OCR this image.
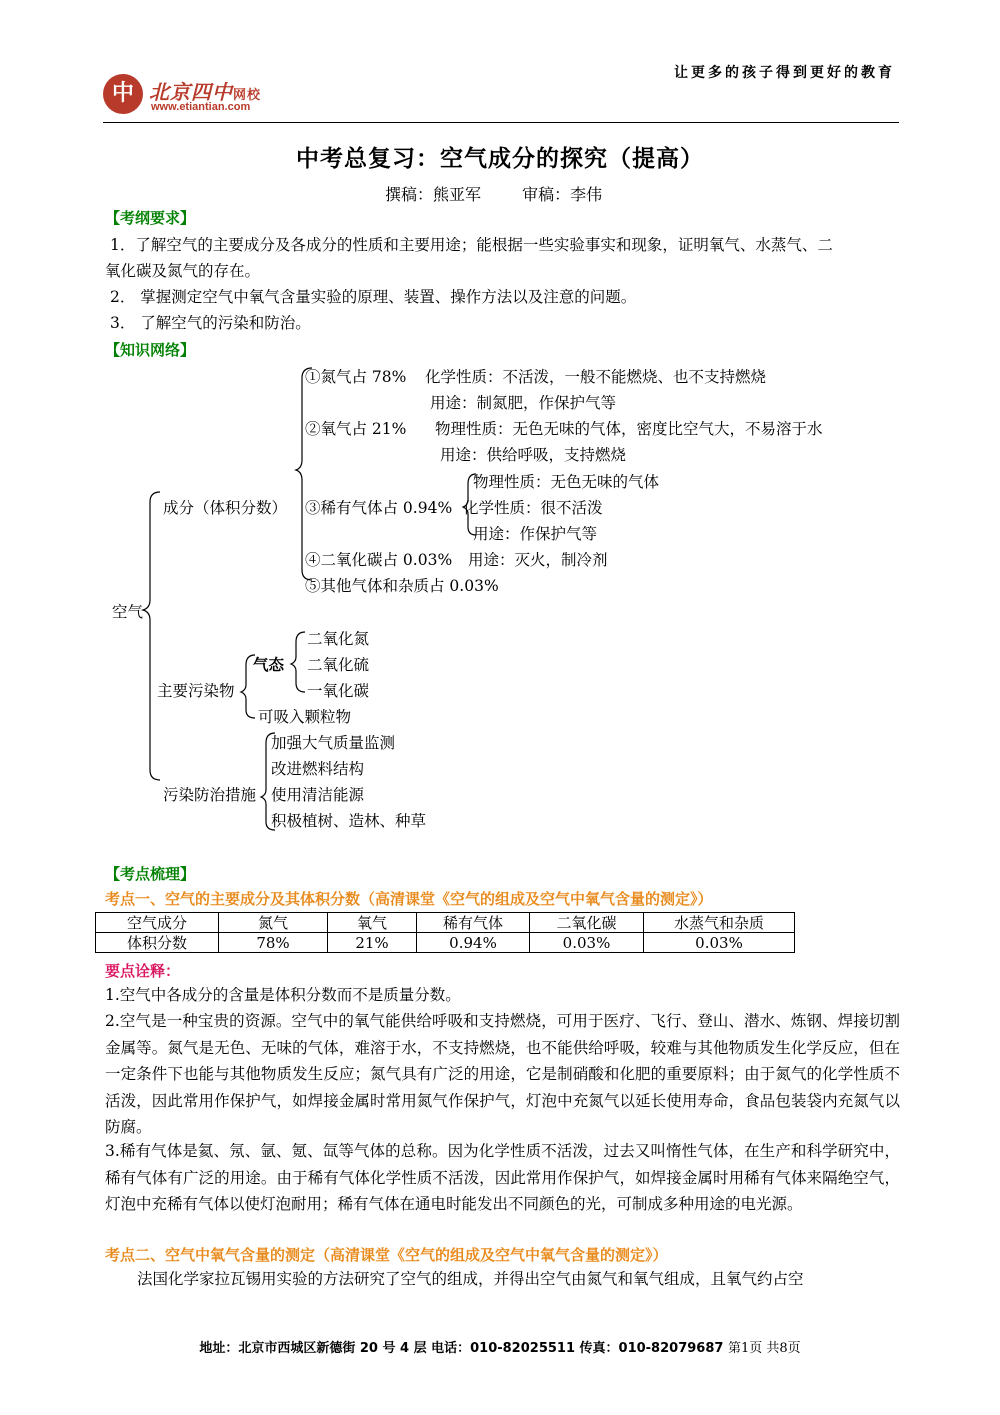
让更多的孩子得到更好的教育
中 北京四中网校
www.etiantian.com
中考总复习：空气成分的探究（提高）
撰稿：熊亚军	审稿：李伟
【考纲要求】
1．了解空气的主要成分及各成分的性质和主要用途；能根据一些实验事实和现象，证明氧气、水蒸气、二
氧化碳及氮气的存在。
2． 掌握测定空气中氧气含量实验的原理、装置、操作方法以及注意的问题。
3． 了解空气的污染和防治。
【知识网络】
空气
成分（体积分数）
①氮气占 78% 化学性质：不活泼，一般不能燃烧、也不支持燃烧
用途：制氮肥，作保护气等
②氧气占 21% 物理性质：无色无味的气体，密度比空气大，不易溶于水
用途：供给呼吸，支持燃烧
③稀有气体占 0.94%
物理性质：无色无味的气体
化学性质：很不活泼
用途：作保护气等
④二氧化碳占 0.03% 用途：灭火，制冷剂
⑤其他气体和杂质占 0.03%
主要污染物
气态
二氧化氮
二氧化硫
一氧化碳
可吸入颗粒物
污染防治措施
加强大气质量监测
改进燃料结构
使用清洁能源
积极植树、造林、种草
【考点梳理】
考点一、空气的主要成分及其体积分数（高清课堂《空气的组成及空气中氧气含量的测定》）
空气成分	氮气	氧气	稀有气体	二氧化碳	水蒸气和杂质
体积分数	78%	21%	0.94%	0.03%	0.03%
要点诠释：
1.空气中各成分的含量是体积分数而不是质量分数。
2.空气是一种宝贵的资源。空气中的氧气能供给呼吸和支持燃烧，可用于医疗、飞行、登山、潜水、炼钢、焊接切割金属等。氮气是无色、无味的气体，难溶于水，不支持燃烧，也不能供给呼吸，较难与其他物质发生化学反应，但在一定条件下也能与其他物质发生反应；氮气具有广泛的用途，它是制硝酸和化肥的重要原料；由于氮气的化学性质不活泼，因此常用作保护气，如焊接金属时常用氮气作保护气，灯泡中充氮气以延长使用寿命，食品包装袋内充氮气以防腐。
3.稀有气体是氦、氖、氩、氪、氙等气体的总称。因为化学性质不活泼，过去又叫惰性气体，在生产和科学研究中，稀有气体有广泛的用途。由于稀有气体化学性质不活泼，因此常用作保护气，如焊接金属时用稀有气体来隔绝空气，灯泡中充稀有气体以使灯泡耐用；稀有气体在通电时能发出不同颜色的光，可制成多种用途的电光源。
考点二、空气中氧气含量的测定（高清课堂《空气的组成及空气中氧气含量的测定》）
法国化学家拉瓦锡用实验的方法研究了空气的组成，并得出空气由氮气和氧气组成，且氧气约占空
地址：北京市西城区新德街 20 号 4 层 电话：010-82025511 传真：010-82079687 第1页 共8页
